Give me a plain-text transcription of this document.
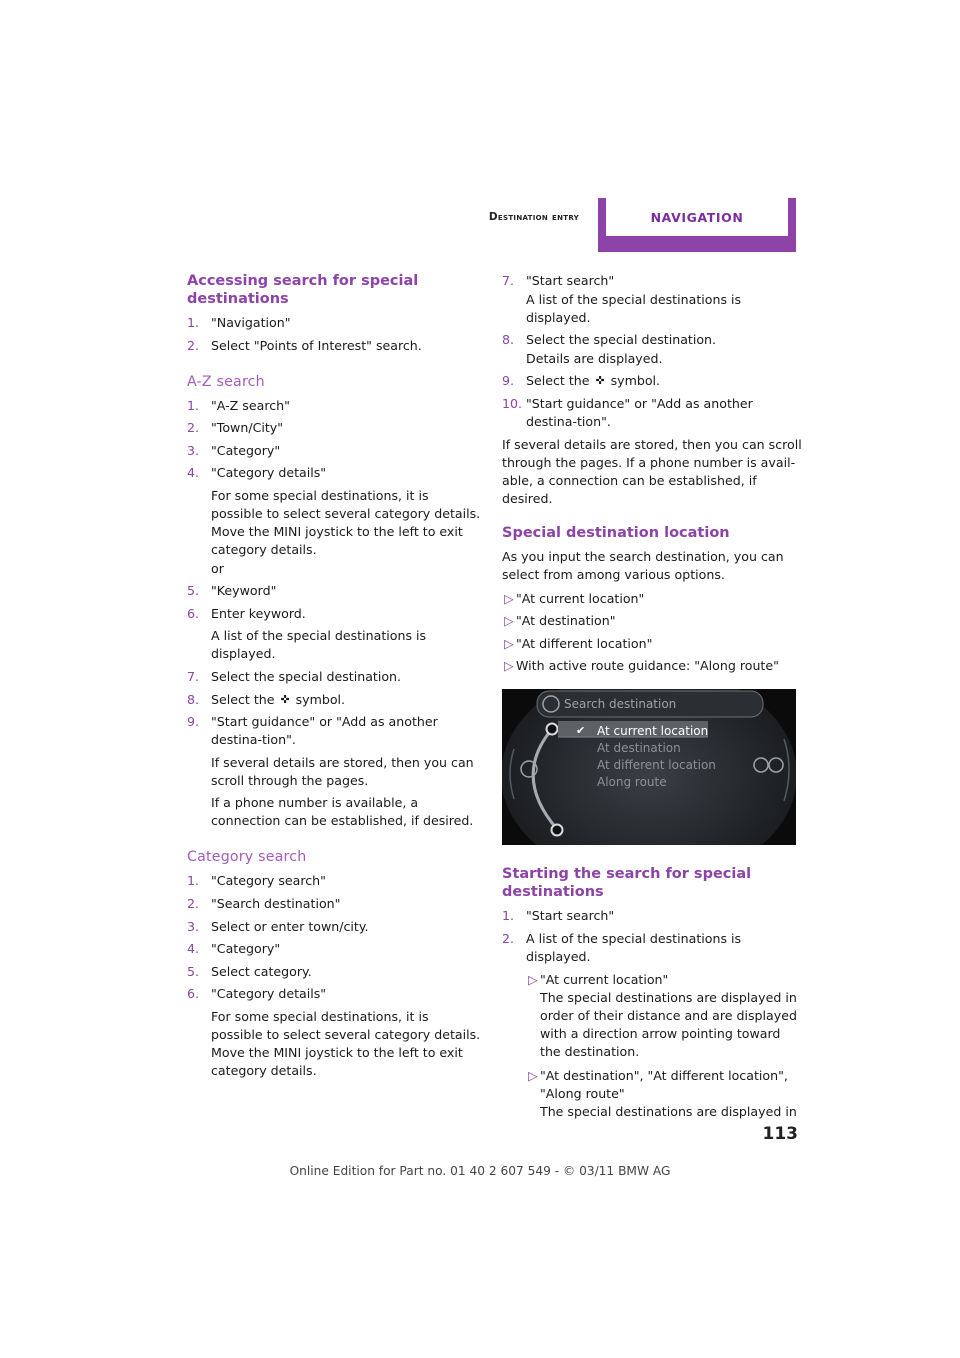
Destination entry	NAVIGATION
Accessing search for special destinations
1. "Navigation"
2. Select "Points of Interest" search.
A-Z search
1. "A-Z search"
2. "Town/City"
3. "Category"
4. "Category details"
For some special destinations, it is possible to select several category details. Move the MINI joystick to the left to exit category details.
or
5. "Keyword"
6. Enter keyword.
A list of the special destinations is displayed.
7. Select the special destination.
8. Select the ✜ symbol.
9. "Start guidance" or "Add as another destina-tion".
If several details are stored, then you can scroll through the pages.
If a phone number is available, a connection can be established, if desired.
Category search
1. "Category search"
2. "Search destination"
3. Select or enter town/city.
4. "Category"
5. Select category.
6. "Category details"
For some special destinations, it is possible to select several category details. Move the MINI joystick to the left to exit category details.
7. "Start search"
A list of the special destinations is displayed.
8. Select the special destination.
Details are displayed.
9. Select the ✜ symbol.
10. "Start guidance" or "Add as another destina-tion".
If several details are stored, then you can scroll through the pages. If a phone number is avail-able, a connection can be established, if desired.
Special destination location
As you input the search destination, you can select from among various options.
▷ "At current location"
▷ "At destination"
▷ "At different location"
▷ With active route guidance: "Along route"
Search destination
✔ At current location
At destination
At different location
Along route
Starting the search for special destinations
1. "Start search"
2. A list of the special destinations is displayed.
▷ "At current location"
The special destinations are displayed in order of their distance and are displayed with a direction arrow pointing toward the destination.
▷ "At destination", "At different location", "Along route"
The special destinations are displayed in
113
Online Edition for Part no. 01 40 2 607 549 - © 03/11 BMW AG
